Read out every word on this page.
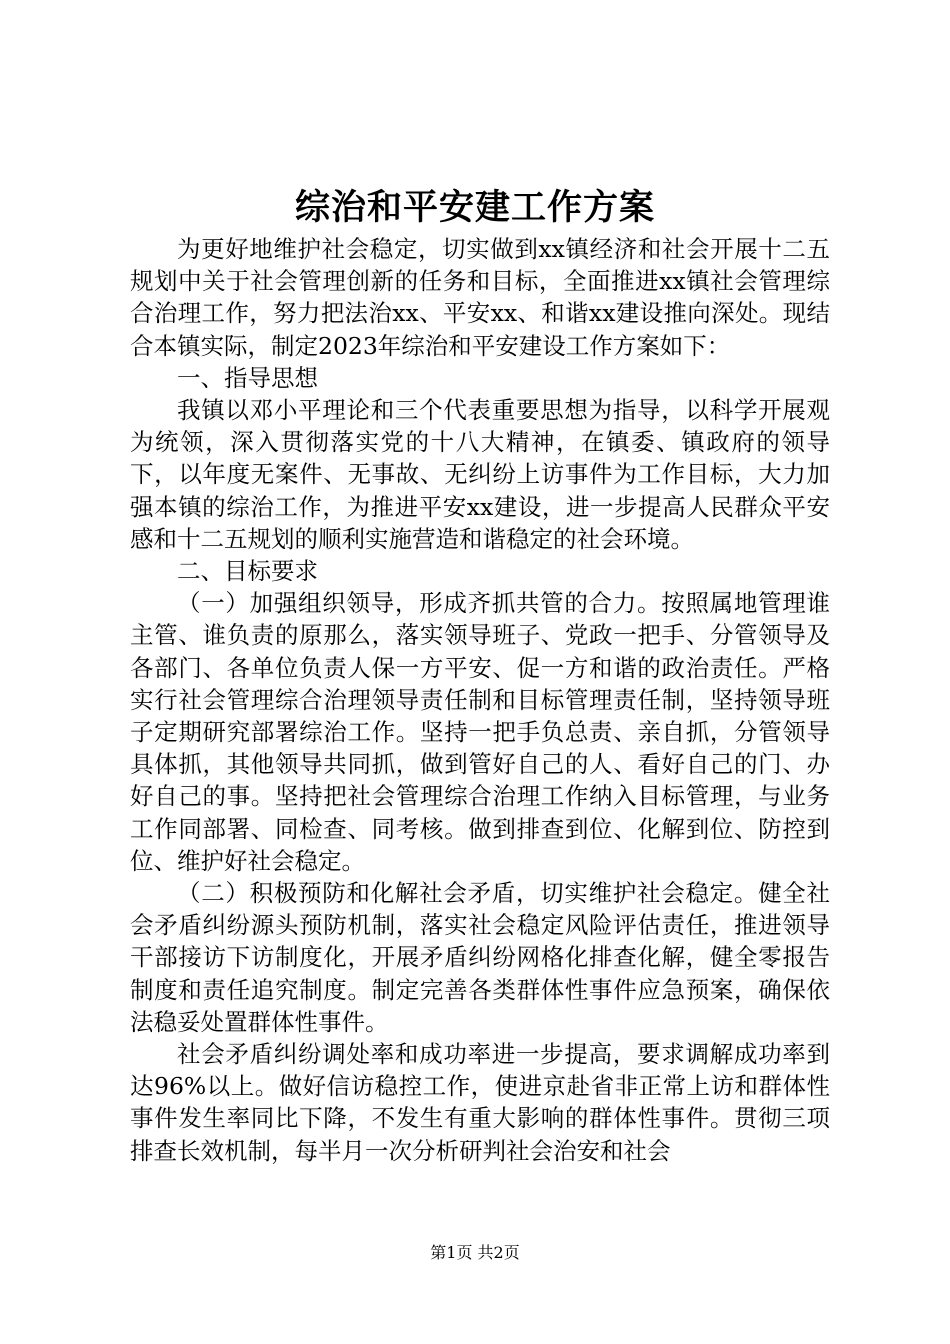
综治和平安建工作方案

为更好地维护社会稳定，切实做到xx镇经济和社会开展十二五规划中关于社会管理创新的任务和目标，全面推进xx镇社会管理综合治理工作，努力把法治xx、平安xx、和谐xx建设推向深处。现结合本镇实际，制定2023年综治和平安建设工作方案如下：

一、指导思想

我镇以邓小平理论和三个代表重要思想为指导，以科学开展观为统领，深入贯彻落实党的十八大精神，在镇委、镇政府的领导下，以年度无案件、无事故、无纠纷上访事件为工作目标，大力加强本镇的综治工作，为推进平安xx建设，进一步提高人民群众平安感和十二五规划的顺利实施营造和谐稳定的社会环境。

二、目标要求

（一）加强组织领导，形成齐抓共管的合力。按照属地管理谁主管、谁负责的原那么，落实领导班子、党政一把手、分管领导及各部门、各单位负责人保一方平安、促一方和谐的政治责任。严格实行社会管理综合治理领导责任制和目标管理责任制，坚持领导班子定期研究部署综治工作。坚持一把手负总责、亲自抓，分管领导具体抓，其他领导共同抓，做到管好自己的人、看好自己的门、办好自己的事。坚持把社会管理综合治理工作纳入目标管理，与业务工作同部署、同检查、同考核。做到排查到位、化解到位、防控到位、维护好社会稳定。

（二）积极预防和化解社会矛盾，切实维护社会稳定。健全社会矛盾纠纷源头预防机制，落实社会稳定风险评估责任，推进领导干部接访下访制度化，开展矛盾纠纷网格化排查化解，健全零报告制度和责任追究制度。制定完善各类群体性事件应急预案，确保依法稳妥处置群体性事件。

社会矛盾纠纷调处率和成功率进一步提高，要求调解成功率到达96%以上。做好信访稳控工作，使进京赴省非正常上访和群体性事件发生率同比下降，不发生有重大影响的群体性事件。贯彻三项排查长效机制，每半月一次分析研判社会治安和社会

第1页 共2页
